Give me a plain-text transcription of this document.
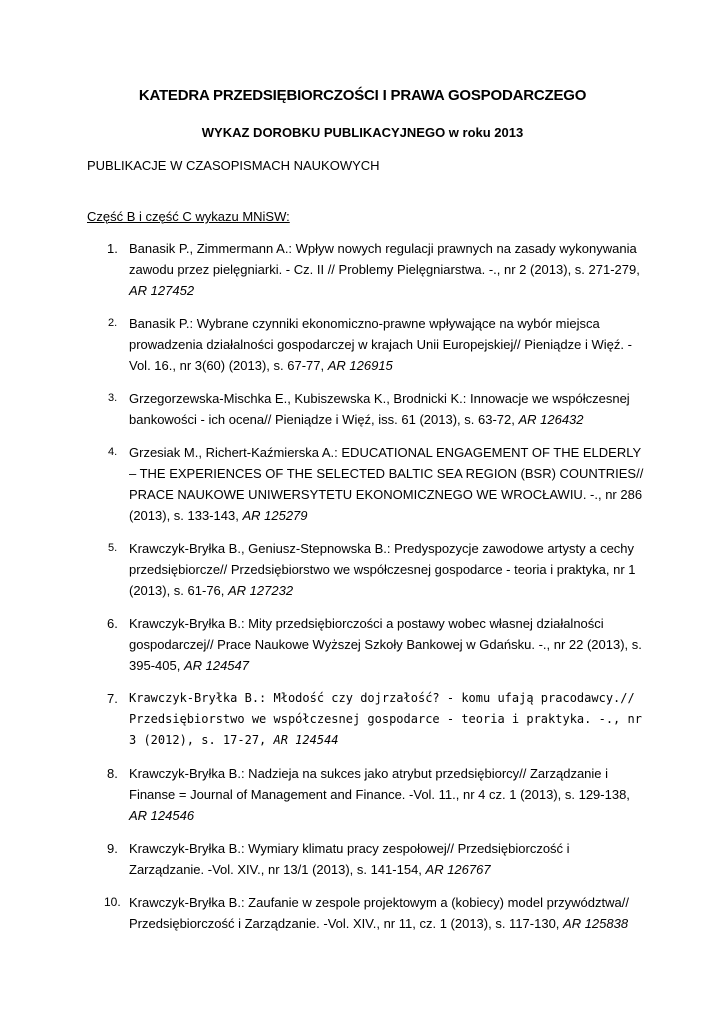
KATEDRA PRZEDSIĘBIORCZOŚCI I PRAWA GOSPODARCZEGO
WYKAZ DOROBKU PUBLIKACYJNEGO w roku 2013
PUBLIKACJE W CZASOPISMACH NAUKOWYCH
Część B i część C wykazu MNiSW:
1. Banasik P., Zimmermann A.: Wpływ nowych regulacji prawnych na zasady wykonywania zawodu przez pielęgniarki. - Cz. II // Problemy Pielęgniarstwa. -., nr 2 (2013), s. 271-279, AR 127452
2. Banasik P.: Wybrane czynniki ekonomiczno-prawne wpływające na wybór miejsca prowadzenia działalności gospodarczej w krajach Unii Europejskiej// Pieniądze i Więź. -Vol. 16., nr 3(60) (2013), s. 67-77, AR 126915
3. Grzegorzewska-Mischka E., Kubiszewska K., Brodnicki K.: Innowacje we współczesnej bankowości - ich ocena// Pieniądze i Więź, iss. 61 (2013), s. 63-72, AR 126432
4. Grzesiak M., Richert-Kaźmierska A.: EDUCATIONAL ENGAGEMENT OF THE ELDERLY – THE EXPERIENCES OF THE SELECTED BALTIC SEA REGION (BSR) COUNTRIES// PRACE NAUKOWE UNIWERSYTETU EKONOMICZNEGO WE WROCŁAWIU. -., nr 286 (2013), s. 133-143, AR 125279
5. Krawczyk-Bryłka B., Geniusz-Stepnowska B.: Predyspozycje zawodowe artysty a cechy przedsiębiorcze// Przedsiębiorstwo we współczesnej gospodarce - teoria i praktyka, nr 1 (2013), s. 61-76, AR 127232
6. Krawczyk-Bryłka B.: Mity przedsiębiorczości a postawy wobec własnej działalności gospodarczej// Prace Naukowe Wyższej Szkoły Bankowej w Gdańsku. -., nr 22 (2013), s. 395-405, AR 124547
7. Krawczyk-Bryłka B.: Młodość czy dojrzałość? - komu ufają pracodawcy.// Przedsiębiorstwo we współczesnej gospodarce - teoria i praktyka. -., nr 3 (2012), s. 17-27, AR 124544
8. Krawczyk-Bryłka B.: Nadzieja na sukces jako atrybut przedsiębiorcy// Zarządzanie i Finanse = Journal of Management and Finance. -Vol. 11., nr 4 cz. 1 (2013), s. 129-138, AR 124546
9. Krawczyk-Bryłka B.: Wymiary klimatu pracy zespołowej// Przedsiębiorczość i Zarządzanie. -Vol. XIV., nr 13/1 (2013), s. 141-154, AR 126767
10. Krawczyk-Bryłka B.: Zaufanie w zespole projektowym a (kobiecy) model przywództwa// Przedsiębiorczość i Zarządzanie. -Vol. XIV., nr 11, cz. 1 (2013), s. 117-130, AR 125838
